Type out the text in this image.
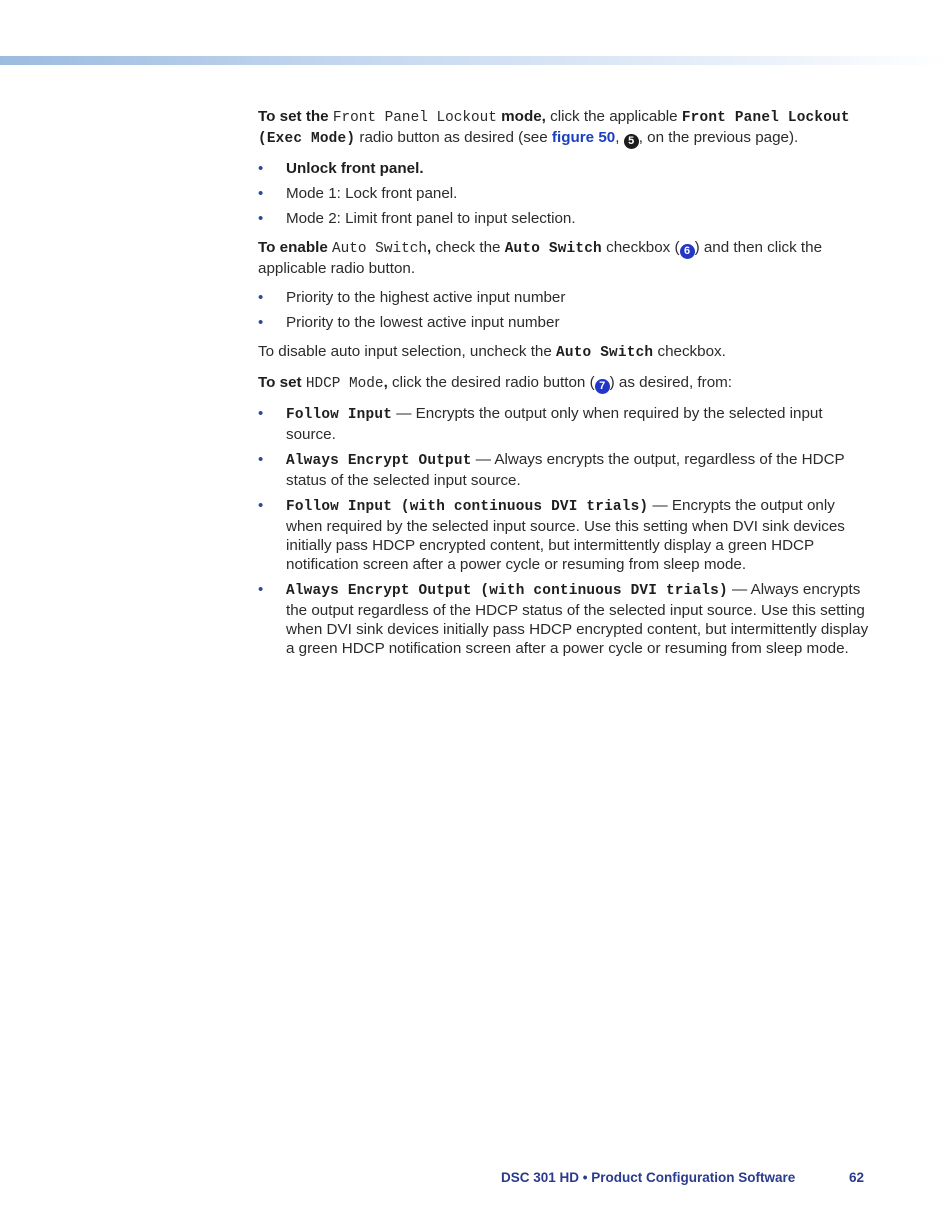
To set the Front Panel Lockout mode, click the applicable Front Panel Lockout (Exec Mode) radio button as desired (see figure 50, 5 , on the previous page).

• Unlock front panel.
• Mode 1: Lock front panel.
• Mode 2: Limit front panel to input selection.

To enable Auto Switch, check the Auto Switch checkbox ( 6 ) and then click the applicable radio button.

• Priority to the highest active input number
• Priority to the lowest active input number

To disable auto input selection, uncheck the Auto Switch checkbox.

To set HDCP Mode, click the desired radio button ( 7 ) as desired, from:

• Follow Input — Encrypts the output only when required by the selected input source.
• Always Encrypt Output — Always encrypts the output, regardless of the HDCP status of the selected input source.
• Follow Input (with continuous DVI trials) — Encrypts the output only when required by the selected input source. Use this setting when DVI sink devices initially pass HDCP encrypted content, but intermittently display a green HDCP notification screen after a power cycle or resuming from sleep mode.
• Always Encrypt Output (with continuous DVI trials) — Always encrypts the output regardless of the HDCP status of the selected input source. Use this setting when DVI sink devices initially pass HDCP encrypted content, but intermittently display a green HDCP notification screen after a power cycle or resuming from sleep mode.
DSC 301 HD • Product Configuration Software	62
